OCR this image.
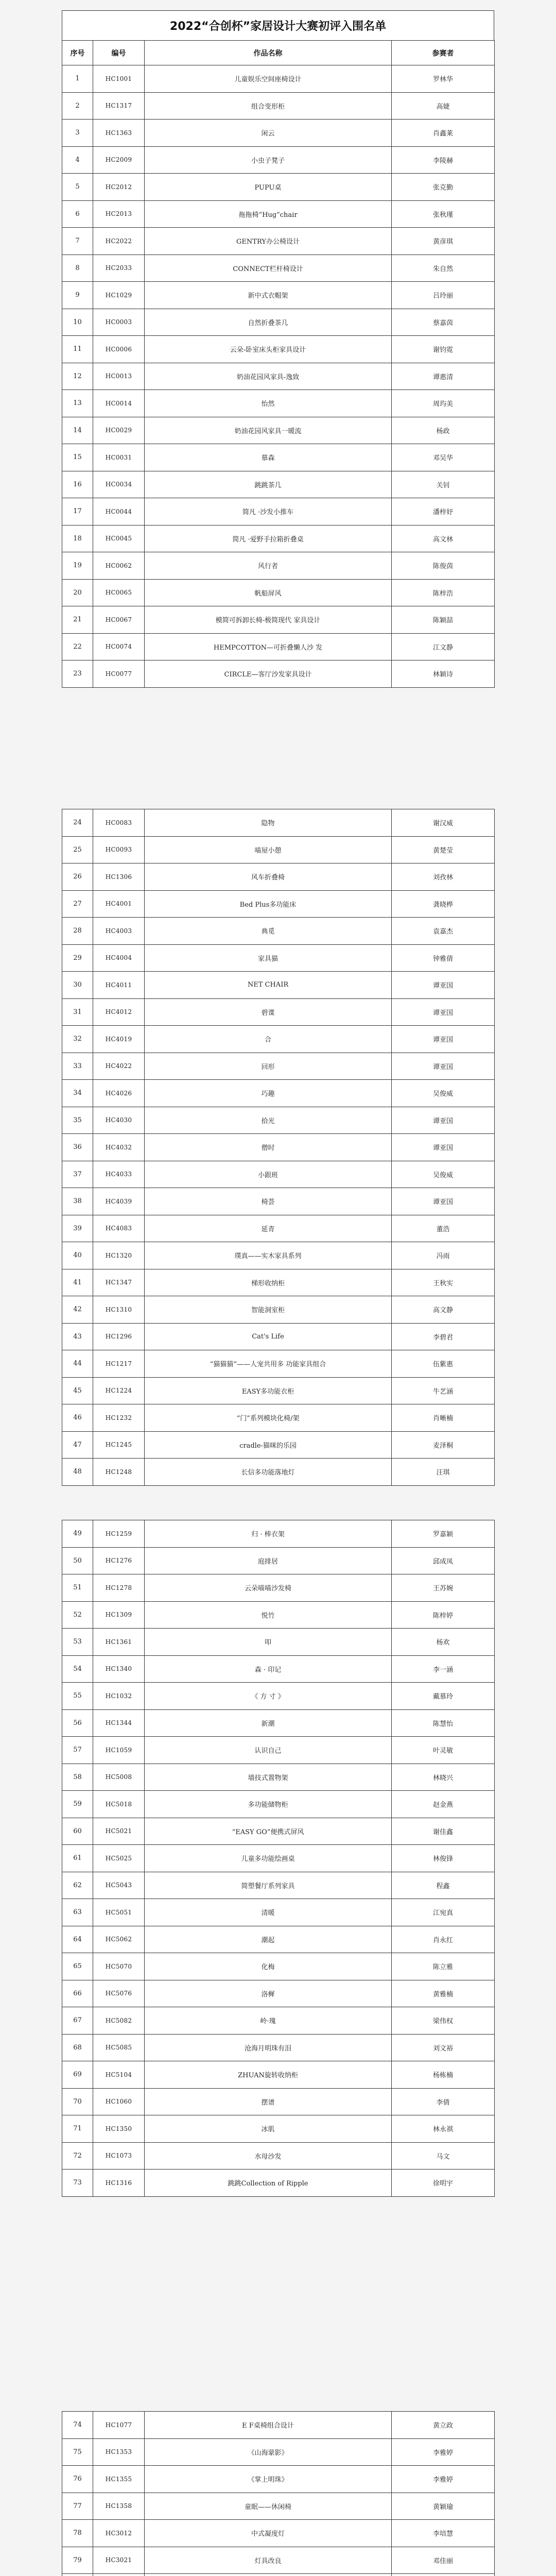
2022“合创杯”家居设计大赛初评入围名单
序号	编号	作品名称	参赛者
1	HC1001	儿童娱乐空间座椅设计	罗林华
2	HC1317	组合变形柜	高婕
3	HC1363	闲云	肖鑫莱
4	HC2009	小虫子凳子	李陵赫
5	HC2012	PUPU桌	张克勤
6	HC2013	拖拖椅“Hug”chair	张秋瑾
7	HC2022	GENTRY办公椅设计	黄彦琪
8	HC2033	CONNECT栏杆椅设计	朱自然
9	HC1029	新中式衣帽架	吕玲丽
10	HC0003	自然折叠茶几	蔡嘉茵
11	HC0006	云朵-卧室床头柜家具设计	谢钧霓
12	HC0013	奶油花园风家具-逸致	谭惠清
13	HC0014	怡然	周玙美
14	HC0029	奶油花园风家具一暖流	杨政
15	HC0031	慕森	邓吴华
16	HC0034	跳跳茶几	关钊
17	HC0044	简凡 ·沙发小推车	潘梓妤
18	HC0045	简凡 ·爱野手拉箱折叠桌	高文林
19	HC0062	风行者	陈俊茵
20	HC0065	帆船屏风	陈梓浩
21	HC0067	模简可拆卸长椅-极简现代 家具设计	陈颖喆
22	HC0074	HEMPCOTTON—可折叠懒人沙 发	江文静
23	HC0077	CIRCLE—客厅沙发家具设计	林颖诗
24	HC0083	隐物	谢汉威
25	HC0093	喵屋小憩	黄楚莹
26	HC1306	风车折叠椅	刘孜林
27	HC4001	Bed Plus多功能床	龚晓桦
28	HC4003	典觅	袁嘉杰
29	HC4004	家具猫	钟雅倩
30	HC4011	NET CHAIR	谭亚国
31	HC4012	碧谍	谭亚国
32	HC4019	合	谭亚国
33	HC4022	回形	谭亚国
34	HC4026	巧趣	吴俊威
35	HC4030	拾光	谭亚国
36	HC4032	僧时	谭亚国
37	HC4033	小跟班	吴俊威
38	HC4039	椅荟	谭亚国
39	HC4083	延青	董浩
40	HC1320	璞真——实木家具系列	冯雨
41	HC1347	梯形收纳柜	王秋实
42	HC1310	智能洞室柜	高文静
43	HC1296	Cat's Life	李碧君
44	HC1217	“猫猫猫”——人宠共用多 功能家具组合	伍紫惠
45	HC1224	EASY多功能衣柜	牛艺涵
46	HC1232	“门”系列模块化椅/架	肖晰楠
47	HC1245	cradle-猫咪的乐园	麦泽桐
48	HC1248	长信多功能落地灯	汪琪
49	HC1259	归 · 棒衣架	罗嘉颖
50	HC1276	庭排居	邱成凤
51	HC1278	云朵喵喵沙发椅	王苏婉
52	HC1309	悦竹	陈梓婷
53	HC1361	叩	杨欢
54	HC1340	森 · 印记	李一涵
55	HC1032	《 方 寸 》	戴慕玲
56	HC1344	新潮	陈慧怡
57	HC1059	认识自己	叶灵敏
58	HC5008	墙技式置物架	林晓兴
59	HC5018	多功能储物柜	赵金燕
60	HC5021	“EASY GO”便携式屏风	谢佳鑫
61	HC5025	儿童多功能绘画桌	林俊锋
62	HC5043	简塑餐厅系列家具	程鑫
63	HC5051	清暖	江宛真
64	HC5062	潮起	肖永红
65	HC5070	化梅	陈立雅
66	HC5076	洛樨	黄雅楠
67	HC5082	岭·瑰	梁伟权
68	HC5085	沧海月明珠有泪	刘文裕
69	HC5104	ZHUAN旋转收纳柜	杨栋楠
70	HC1060	摆谱	李倩
71	HC1350	冰肌	林永祺
72	HC1073	水母沙发	马文
73	HC1316	跳跳Collection of Ripple	徐明宇
74	HC1077	E F桌椅组合设计	黄立政
75	HC1353	《山海蒙影》	李雅婷
76	HC1355	《掌上明珠》	李雅婷
77	HC1358	童眠——休闲椅	黄颖瑜
78	HC3012	中式凝度灯	李培慧
79	HC3021	灯具改良	邓佳丽
